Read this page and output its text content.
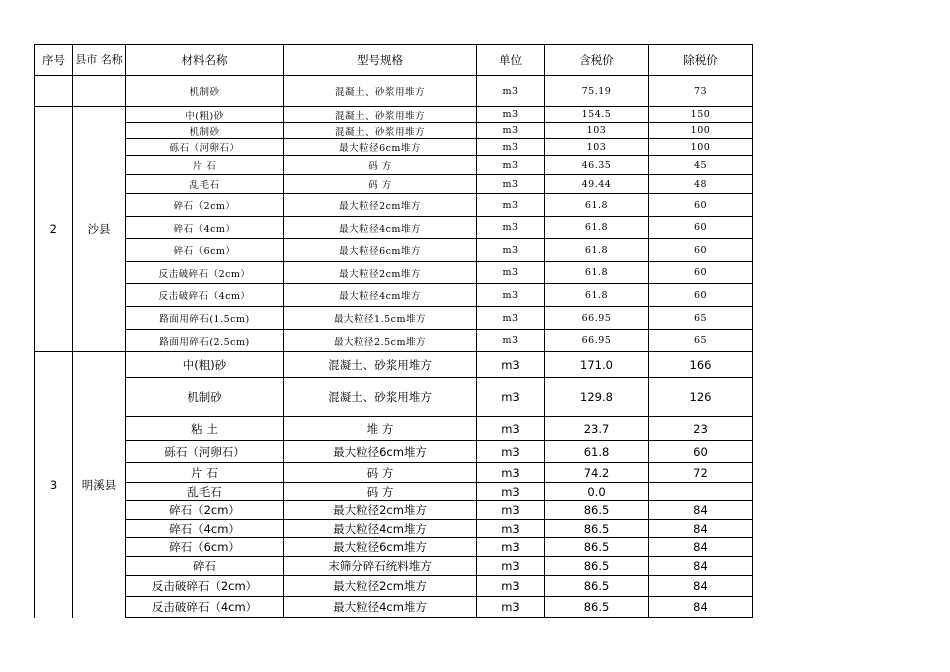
序号	县市 名称	材料名称	型号规格	单位	含税价	除税价
		机制砂	混凝土、砂浆用堆方	m3	75.19	73
2	沙县	中(粗)砂	混凝土、砂浆用堆方	m3	154.5	150
		机制砂	混凝土、砂浆用堆方	m3	103	100
		砾石（河卵石）	最大粒径6cm堆方	m3	103	100
		片 石	码 方	m3	46.35	45
		乱毛石	码 方	m3	49.44	48
		碎石（2cm）	最大粒径2cm堆方	m3	61.8	60
		碎石（4cm）	最大粒径4cm堆方	m3	61.8	60
		碎石（6cm）	最大粒径6cm堆方	m3	61.8	60
		反击破碎石（2cm）	最大粒径2cm堆方	m3	61.8	60
		反击破碎石（4cm）	最大粒径4cm堆方	m3	61.8	60
		路面用碎石(1.5cm)	最大粒径1.5cm堆方	m3	66.95	65
		路面用碎石(2.5cm)	最大粒径2.5cm堆方	m3	66.95	65
3	明溪县	中(粗)砂	混凝土、砂浆用堆方	m3	171.0	166
		机制砂	混凝土、砂浆用堆方	m3	129.8	126
		粘 土	堆 方	m3	23.7	23
		砾石（河卵石）	最大粒径6cm堆方	m3	61.8	60
		片 石	码 方	m3	74.2	72
		乱毛石	码 方	m3	0.0	
		碎石（2cm）	最大粒径2cm堆方	m3	86.5	84
		碎石（4cm）	最大粒径4cm堆方	m3	86.5	84
		碎石（6cm）	最大粒径6cm堆方	m3	86.5	84
		碎石	末筛分碎石统料堆方	m3	86.5	84
		反击破碎石（2cm）	最大粒径2cm堆方	m3	86.5	84
		反击破碎石（4cm）	最大粒径4cm堆方	m3	86.5	84
